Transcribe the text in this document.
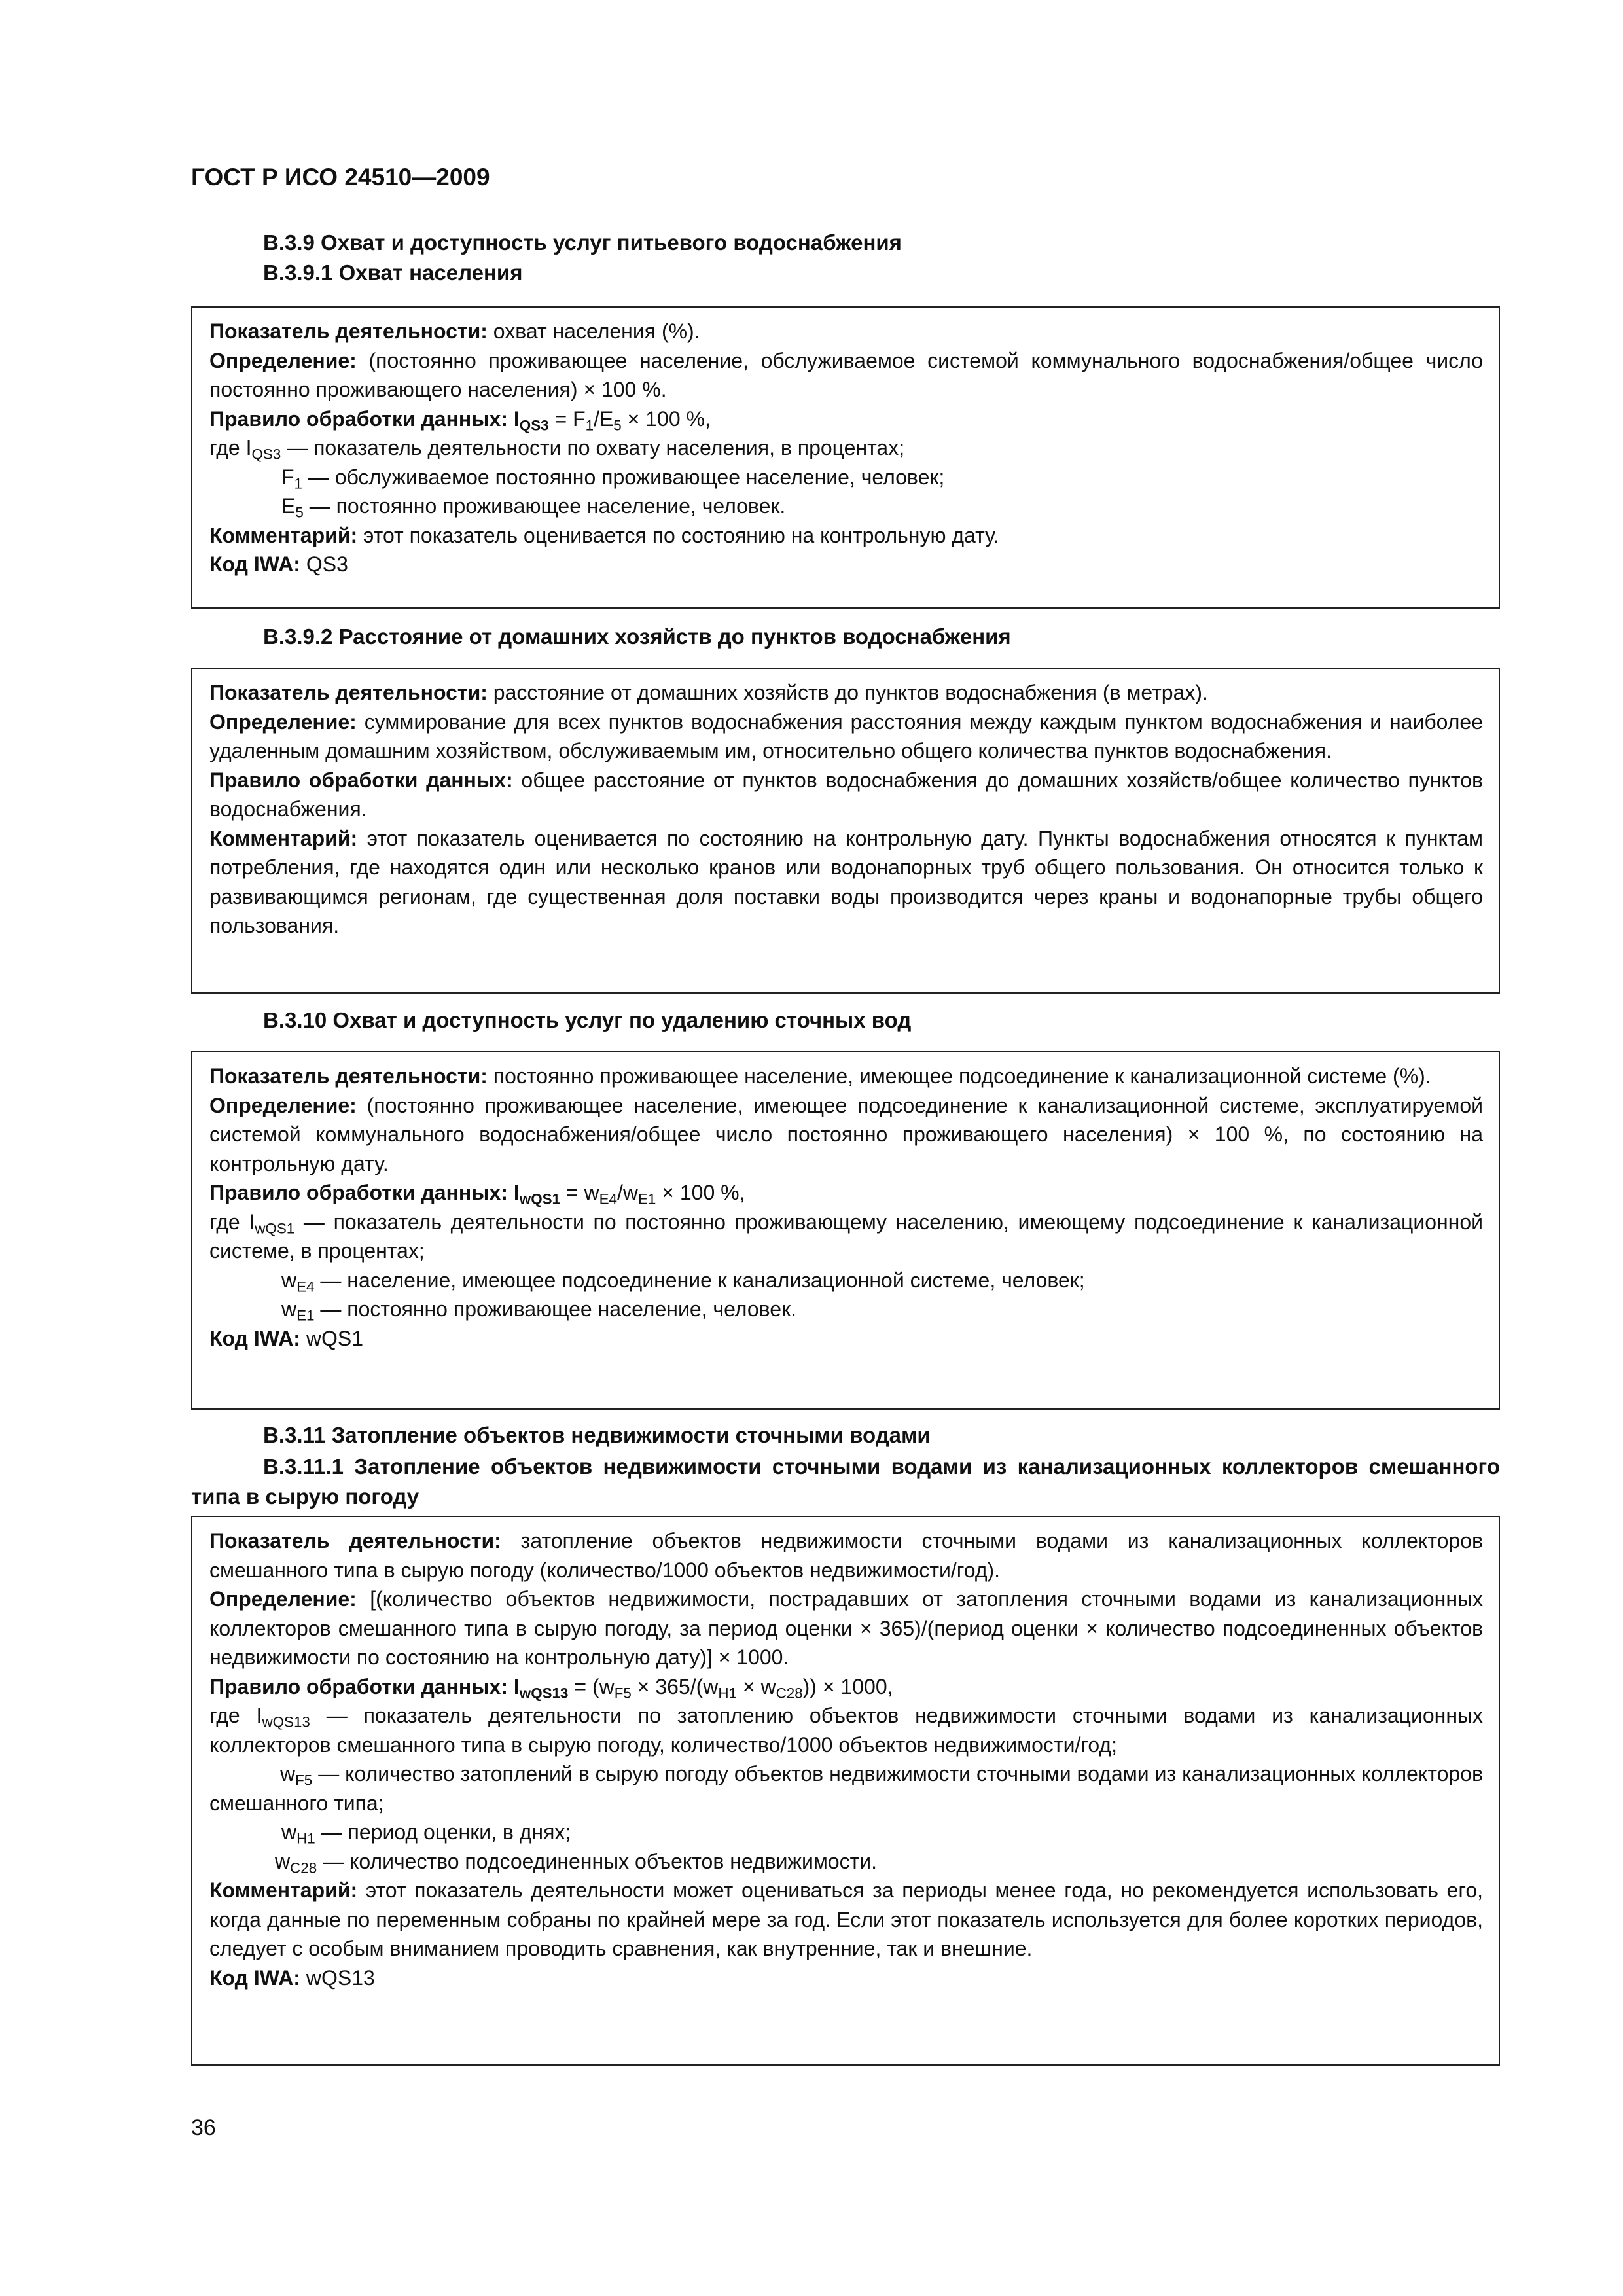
ГОСТ Р ИСО 24510—2009
В.3.9 Охват и доступность услуг питьевого водоснабжения
В.3.9.1 Охват населения

Показатель деятельности: охват населения (%).

Определение: (постоянно проживающее население, обслуживаемое системой коммунального водоснабжения/общее число постоянно проживающего населения) × 100 %.

Правило обработки данных: $I_{QS3} = F_1/E_5 \times 100$ %,

где $I_{QS3}$ — показатель деятельности по охвату населения, в процентах;

$F_1$ — обслуживаемое постоянно проживающее население, человек;

$E_5$ — постоянно проживающее население, человек.

Комментарий: этот показатель оценивается по состоянию на контрольную дату.

Код IWA: QS3

В.3.9.2 Расстояние от домашних хозяйств до пунктов водоснабжения

Показатель деятельности: расстояние от домашних хозяйств до пунктов водоснабжения (в метрах).

Определение: суммирование для всех пунктов водоснабжения расстояния между каждым пунктом водоснабжения и наиболее удаленным домашним хозяйством, обслуживаемым им, относительно общего количества пунктов водоснабжения.

Правило обработки данных: общее расстояние от пунктов водоснабжения до домашних хозяйств/общее количество пунктов водоснабжения.

Комментарий: этот показатель оценивается по состоянию на контрольную дату. Пункты водоснабжения относятся к пунктам потребления, где находятся один или несколько кранов или водонапорных труб общего пользования. Он относится только к развивающимся регионам, где существенная доля поставки воды производится через краны и водонапорные трубы общего пользования.

В.3.10 Охват и доступность услуг по удалению сточных вод

Показатель деятельности: постоянно проживающее население, имеющее подсоединение к канализационной системе (%).

Определение: (постоянно проживающее население, имеющее подсоединение к канализационной системе, эксплуатируемой системой коммунального водоснабжения/общее число постоянно проживающего населения) × 100 %, по состоянию на контрольную дату.

Правило обработки данных: $I_{wQS1} = w_{E4}/w_{E1} \times 100$ %,

где $I_{wQS1}$ — показатель деятельности по постоянно проживающему населению, имеющему подсоединение к канализационной системе, в процентах;

$w_{E4}$ — население, имеющее подсоединение к канализационной системе, человек;

$w_{E1}$ — постоянно проживающее население, человек.

Код IWA: wQS1

В.3.11 Затопление объектов недвижимости сточными водами
В.3.11.1 Затопление объектов недвижимости сточными водами из канализационных коллекторов смешанного типа в сырую погоду

Показатель деятельности: затопление объектов недвижимости сточными водами из канализационных коллекторов смешанного типа в сырую погоду (количество/1000 объектов недвижимости/год).

Определение: [(количество объектов недвижимости, пострадавших от затопления сточными водами из канализационных коллекторов смешанного типа в сырую погоду, за период оценки × 365)/(период оценки × количество подсоединенных объектов недвижимости по состоянию на контрольную дату)] × 1000.

Правило обработки данных: $I_{wQS13} = (w_{F5} \times 365/(w_{H1} \times w_{C28})) \times 1000$,

где $I_{wQS13}$ — показатель деятельности по затоплению объектов недвижимости сточными водами из канализационных коллекторов смешанного типа в сырую погоду, количество/1000 объектов недвижимости/год;

$w_{F5}$ — количество затоплений в сырую погоду объектов недвижимости сточными водами из канализационных коллекторов смешанного типа;

$w_{H1}$ — период оценки, в днях;

$w_{C28}$ — количество подсоединенных объектов недвижимости.

Комментарий: этот показатель деятельности может оцениваться за периоды менее года, но рекомендуется использовать его, когда данные по переменным собраны по крайней мере за год. Если этот показатель используется для более коротких периодов, следует с особым вниманием проводить сравнения, как внутренние, так и внешние.

Код IWA: wQS13

36
